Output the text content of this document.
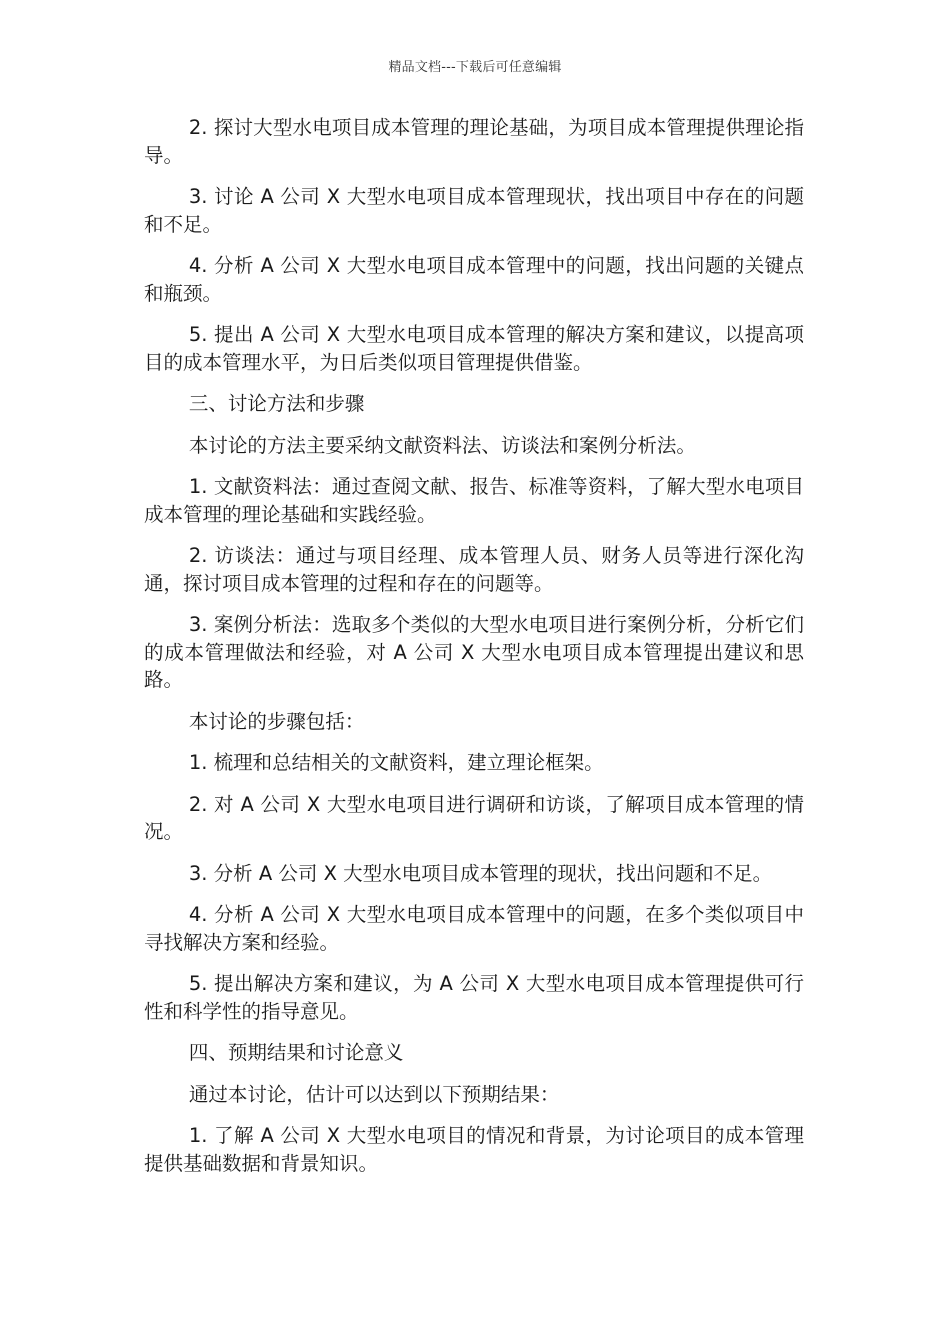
精品文档---下载后可任意编辑

2. 探讨大型水电项目成本管理的理论基础，为项目成本管理提供理论指导。

3. 讨论 A 公司 X 大型水电项目成本管理现状，找出项目中存在的问题和不足。

4. 分析 A 公司 X 大型水电项目成本管理中的问题，找出问题的关键点和瓶颈。

5. 提出 A 公司 X 大型水电项目成本管理的解决方案和建议，以提高项目的成本管理水平，为日后类似项目管理提供借鉴。

三、讨论方法和步骤

本讨论的方法主要采纳文献资料法、访谈法和案例分析法。

1. 文献资料法：通过查阅文献、报告、标准等资料，了解大型水电项目成本管理的理论基础和实践经验。

2. 访谈法：通过与项目经理、成本管理人员、财务人员等进行深化沟通，探讨项目成本管理的过程和存在的问题等。

3. 案例分析法：选取多个类似的大型水电项目进行案例分析，分析它们的成本管理做法和经验，对 A 公司 X 大型水电项目成本管理提出建议和思路。

本讨论的步骤包括：

1. 梳理和总结相关的文献资料，建立理论框架。

2. 对 A 公司 X 大型水电项目进行调研和访谈，了解项目成本管理的情况。

3. 分析 A 公司 X 大型水电项目成本管理的现状，找出问题和不足。

4. 分析 A 公司 X 大型水电项目成本管理中的问题，在多个类似项目中寻找解决方案和经验。

5. 提出解决方案和建议，为 A 公司 X 大型水电项目成本管理提供可行性和科学性的指导意见。

四、预期结果和讨论意义

通过本讨论，估计可以达到以下预期结果：

1. 了解 A 公司 X 大型水电项目的情况和背景，为讨论项目的成本管理提供基础数据和背景知识。
